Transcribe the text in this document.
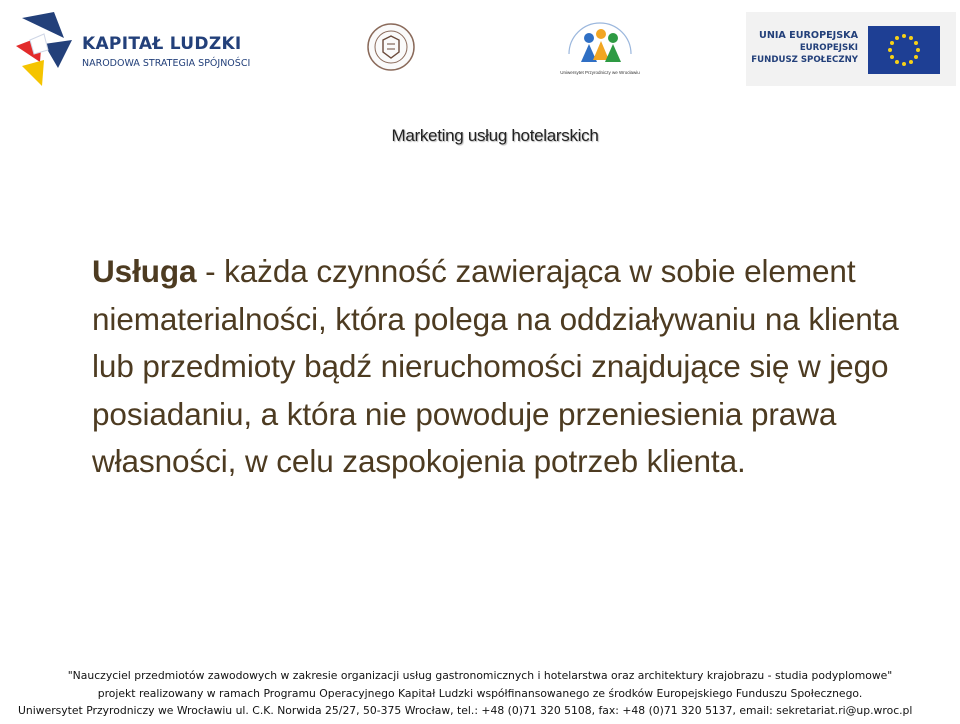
KAPITAŁ LUDZKI
NARODOWA STRATEGIA SPÓJNOŚCI
Uniwersytet Przyrodniczy we Wrocławiu
UNIA EUROPEJSKA
EUROPEJSKI
FUNDUSZ SPOŁECZNY
Marketing usług hotelarskich
Usługa - każda czynność zawierająca w sobie element niematerialności, która polega na oddziaływaniu na klienta lub przedmioty bądź nieruchomości znajdujące się w jego posiadaniu, a która nie powoduje przeniesienia prawa własności, w celu zaspokojenia potrzeb klienta.
"Nauczyciel przedmiotów zawodowych w zakresie organizacji usług gastronomicznych i hotelarstwa oraz architektury krajobrazu - studia podyplomowe"
projekt realizowany w ramach Programu Operacyjnego Kapitał Ludzki współfinansowanego ze środków Europejskiego Funduszu Społecznego.
Uniwersytet Przyrodniczy we Wrocławiu ul. C.K. Norwida 25/27, 50-375 Wrocław, tel.: +48 (0)71 320 5108, fax: +48 (0)71 320 5137, email: sekretariat.ri@up.wroc.pl
